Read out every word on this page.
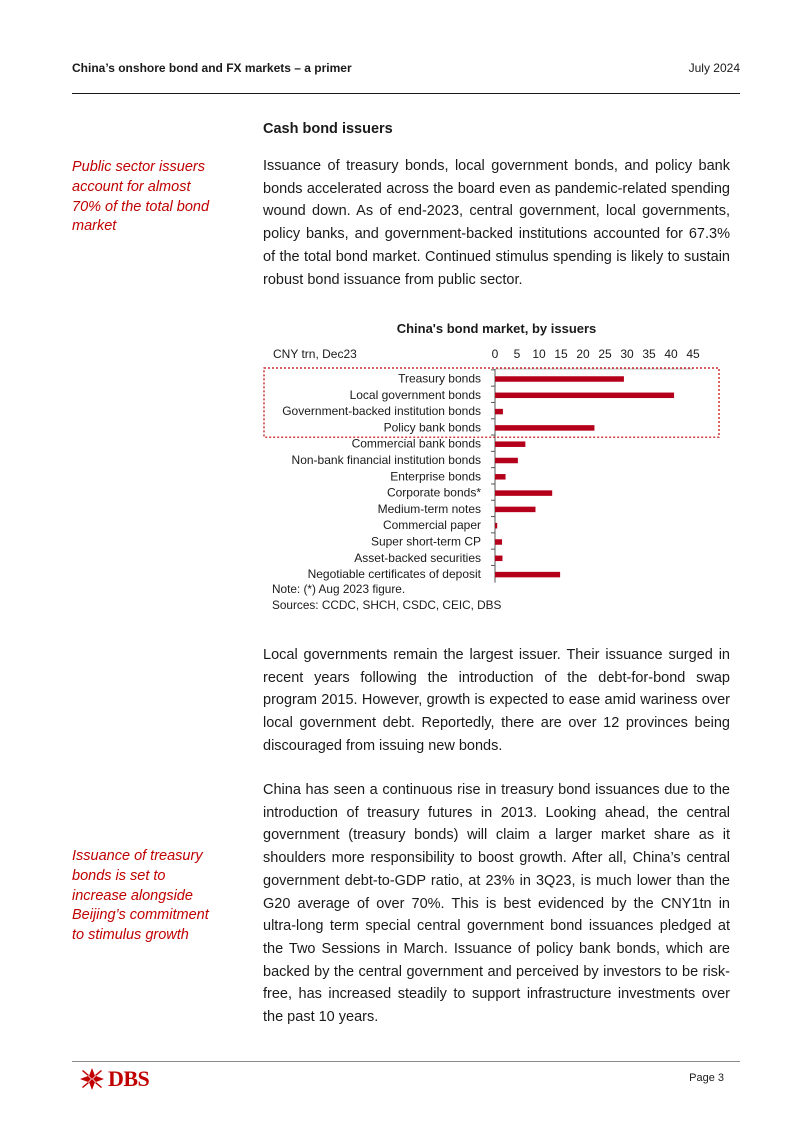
China’s onshore bond and FX markets – a primer	July 2024
Public sector issuers account for almost 70% of the total bond market
Issuance of treasury bonds is set to increase alongside Beijing’s commitment to stimulus growth
Cash bond issuers
Issuance of treasury bonds, local government bonds, and policy bank bonds accelerated across the board even as pandemic-related spending wound down. As of end-2023, central government, local governments, policy banks, and government-backed institutions accounted for 67.3% of the total bond market. Continued stimulus spending is likely to sustain robust bond issuance from public sector.
China's bond market, by issuers
CNY trn, Dec23	0 5 10 15 20 25 30 35 40 45
Treasury bonds
Local government bonds
Government-backed institution bonds
Policy bank bonds
Commercial bank bonds
Non-bank financial institution bonds
Enterprise bonds
Corporate bonds*
Medium-term notes
Commercial paper
Super short-term CP
Asset-backed securities
Negotiable certificates of deposit
Note: (*) Aug 2023 figure.
Sources: CCDC, SHCH, CSDC, CEIC, DBS
Local governments remain the largest issuer. Their issuance surged in recent years following the introduction of the debt-for-bond swap program 2015. However, growth is expected to ease amid wariness over local government debt. Reportedly, there are over 12 provinces being discouraged from issuing new bonds.
China has seen a continuous rise in treasury bond issuances due to the introduction of treasury futures in 2013. Looking ahead, the central government (treasury bonds) will claim a larger market share as it shoulders more responsibility to boost growth. After all, China’s central government debt-to-GDP ratio, at 23% in 3Q23, is much lower than the G20 average of over 70%. This is best evidenced by the CNY1tn in ultra-long term special central government bond issuances pledged at the Two Sessions in March. Issuance of policy bank bonds, which are backed by the central government and perceived by investors to be risk-free, has increased steadily to support infrastructure investments over the past 10 years.
DBS	Page 3
